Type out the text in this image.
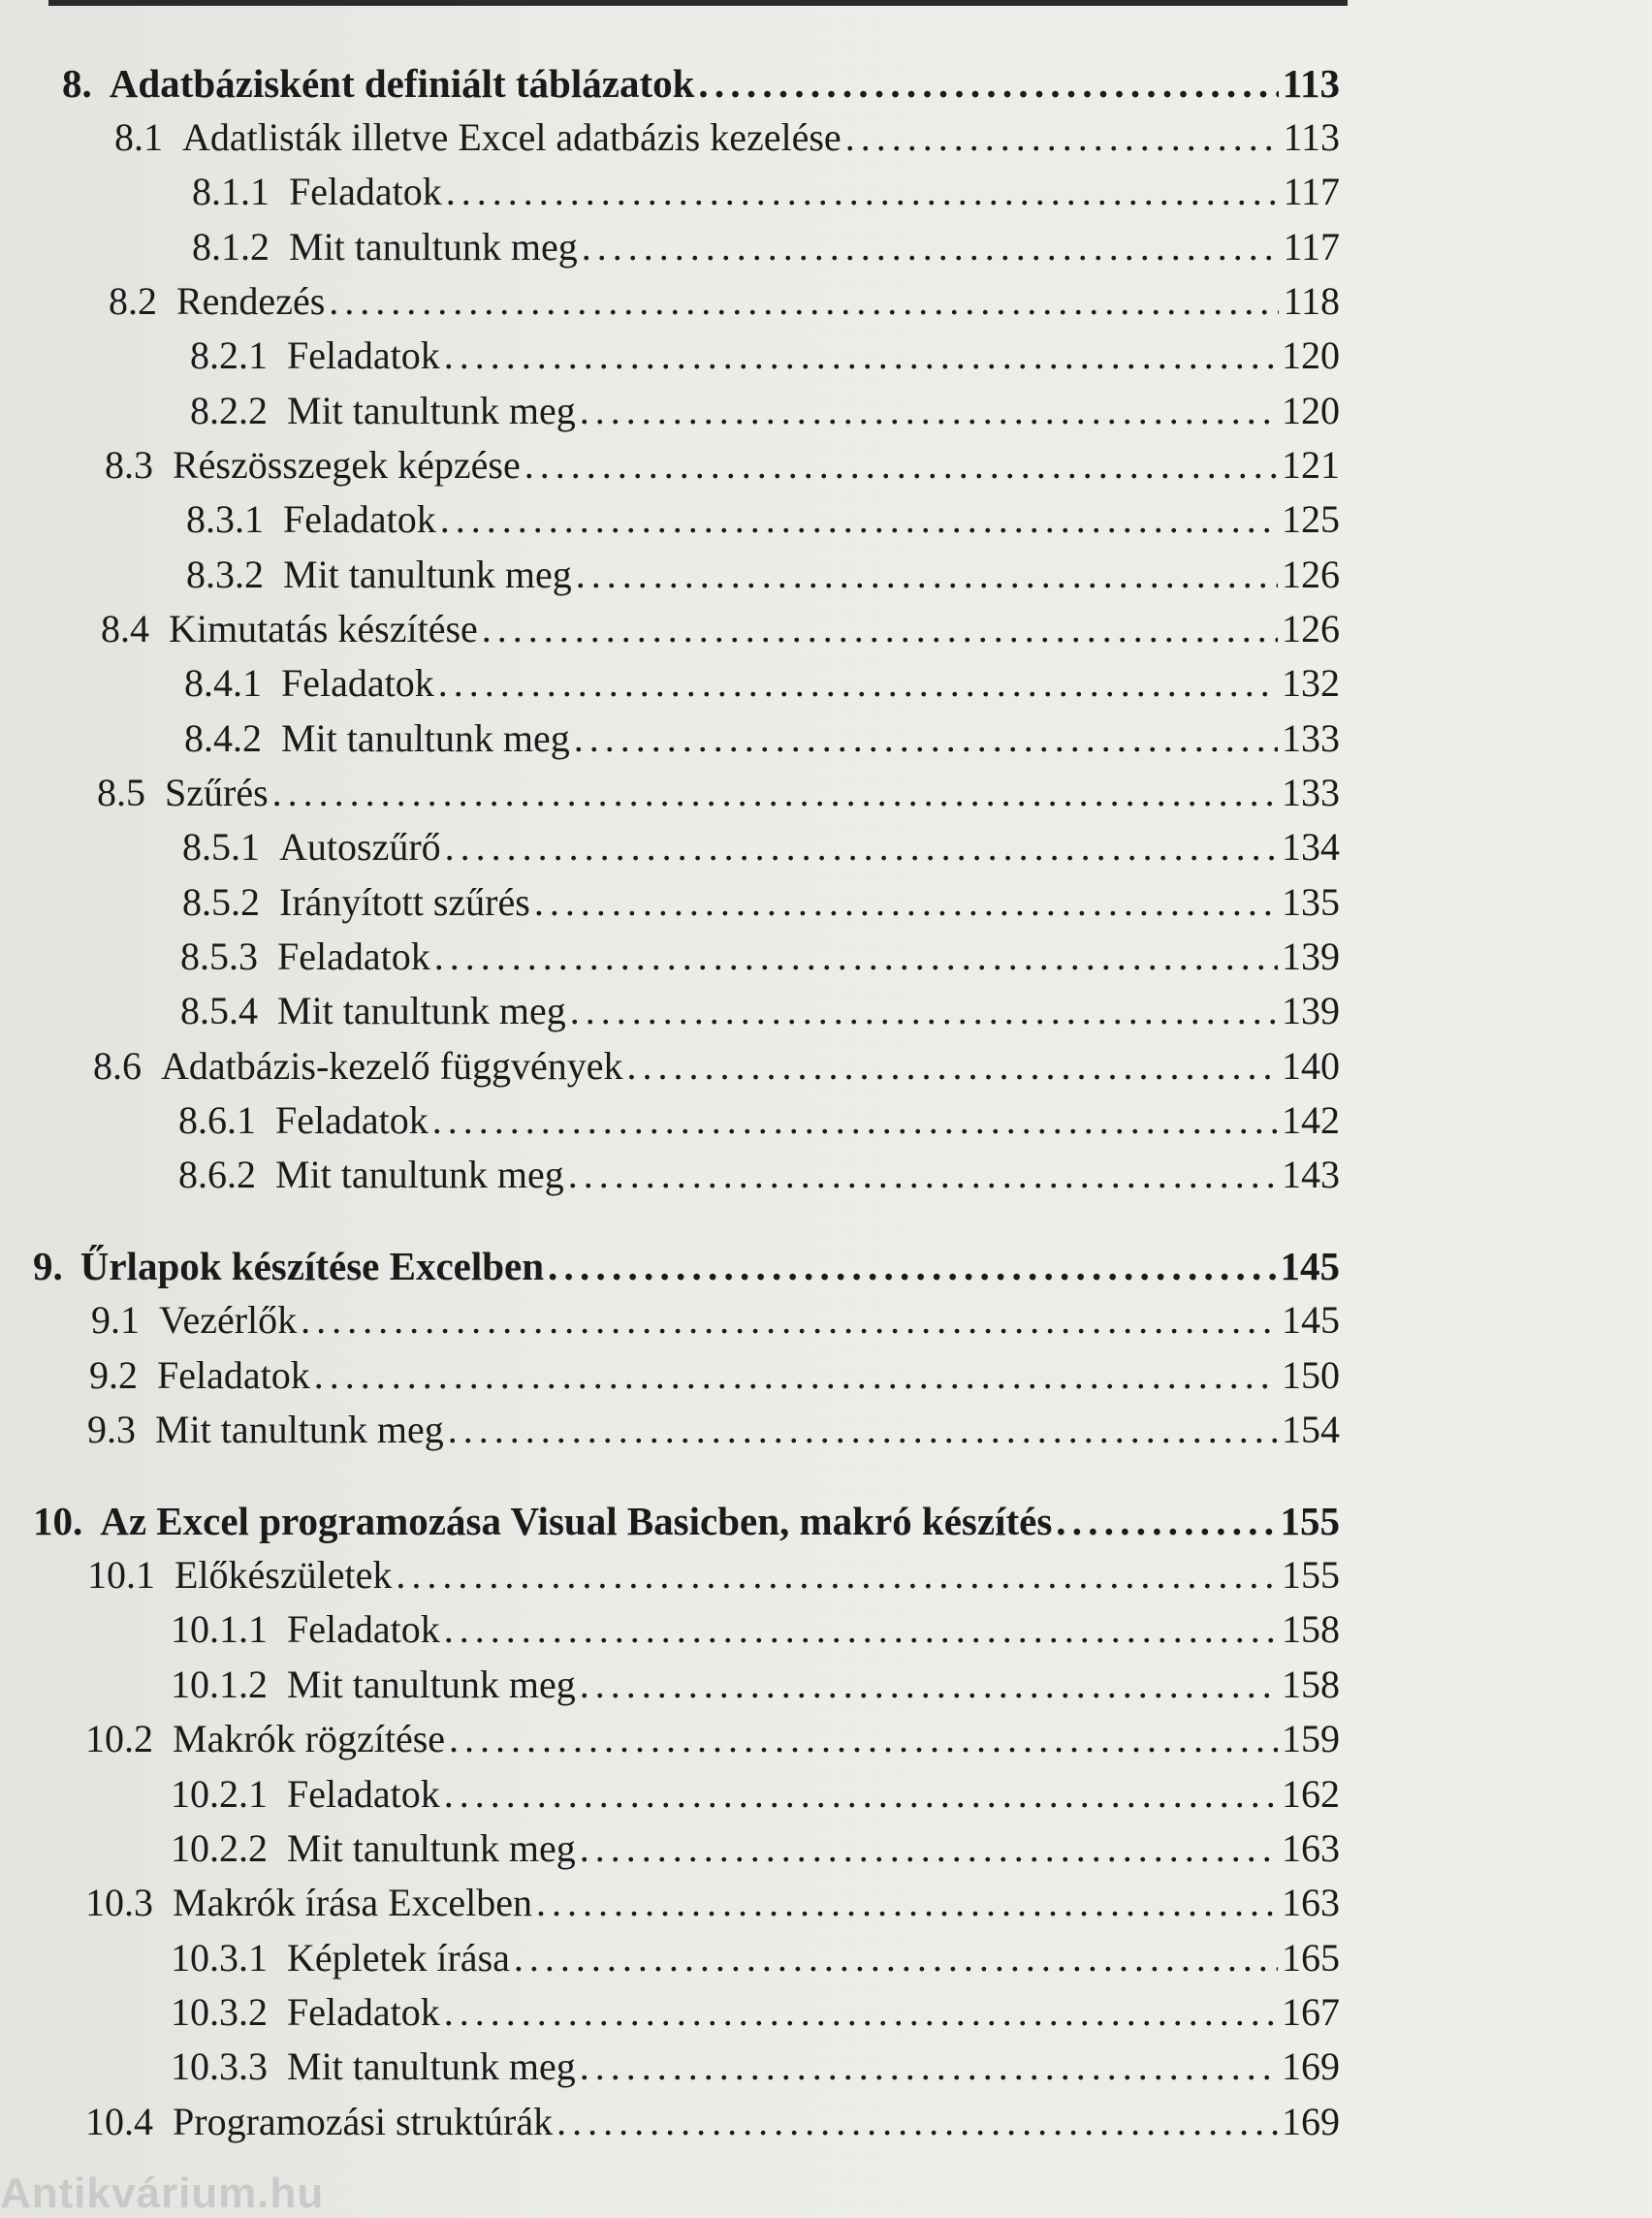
8. Adatbázisként definiált táblázatok . . .	113
8.1 Adatlisták illetve Excel adatbázis kezelése . . .	113
8.1.1 Feladatok . . .	117
8.1.2 Mit tanultunk meg . . .	117
8.2 Rendezés . . .	118
8.2.1 Feladatok . . .	120
8.2.2 Mit tanultunk meg . . .	120
8.3 Részösszegek képzése . . .	121
8.3.1 Feladatok . . .	125
8.3.2 Mit tanultunk meg . . .	126
8.4 Kimutatás készítése . . .	126
8.4.1 Feladatok . . .	132
8.4.2 Mit tanultunk meg . . .	133
8.5 Szűrés . . .	133
8.5.1 Autoszűrő . . .	134
8.5.2 Irányított szűrés . . .	135
8.5.3 Feladatok . . .	139
8.5.4 Mit tanultunk meg . . .	139
8.6 Adatbázis-kezelő függvények . . .	140
8.6.1 Feladatok . . .	142
8.6.2 Mit tanultunk meg . . .	143
9. Űrlapok készítése Excelben . . .	145
9.1 Vezérlők . . .	145
9.2 Feladatok . . .	150
9.3 Mit tanultunk meg . . .	154
10. Az Excel programozása Visual Basicben, makró készítés . . .	155
10.1 Előkészületek . . .	155
10.1.1 Feladatok . . .	158
10.1.2 Mit tanultunk meg . . .	158
10.2 Makrók rögzítése . . .	159
10.2.1 Feladatok . . .	162
10.2.2 Mit tanultunk meg . . .	163
10.3 Makrók írása Excelben . . .	163
10.3.1 Képletek írása . . .	165
10.3.2 Feladatok . . .	167
10.3.3 Mit tanultunk meg . . .	169
10.4 Programozási struktúrák . . .	169
Antikvárium.hu
